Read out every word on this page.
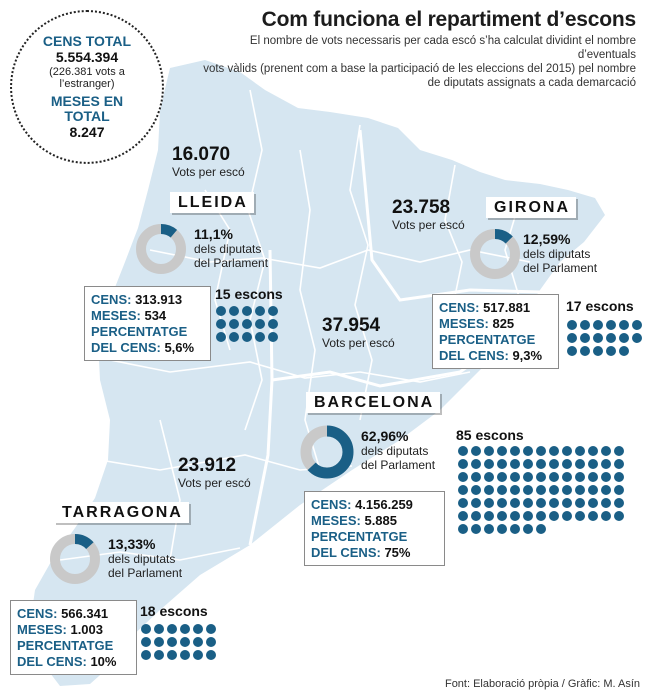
Com funciona el repartiment d’escons
El nombre de vots necessaris per cada escó s’ha calculat dividint el nombre d’eventuals
vots vàlids (prenent com a base la participació de les eleccions del 2015) pel nombre
de diputats assignats a cada demarcació
CENS TOTAL
5.554.394
(226.381 vots a l’estranger)
MESES EN TOTAL
8.247
16.070
Vots per escó
LLEIDA
11,1%
dels diputats
del Parlament
CENS: 313.913
MESES: 534
PERCENTATGE
DEL CENS: 5,6%
15 escons
23.758
Vots per escó
GIRONA
12,59%
dels diputats
del Parlament
CENS: 517.881
MESES: 825
PERCENTATGE
DEL CENS: 9,3%
17 escons
37.954
Vots per escó
BARCELONA
62,96%
dels diputats
del Parlament
23.912
Vots per escó
CENS: 4.156.259
MESES: 5.885
PERCENTATGE
DEL CENS: 75%
85 escons
TARRAGONA
13,33%
dels diputats
del Parlament
CENS: 566.341
MESES: 1.003
PERCENTATGE
DEL CENS: 10%
18 escons
Font: Elaboració pròpia / Gràfic: M. Asín
